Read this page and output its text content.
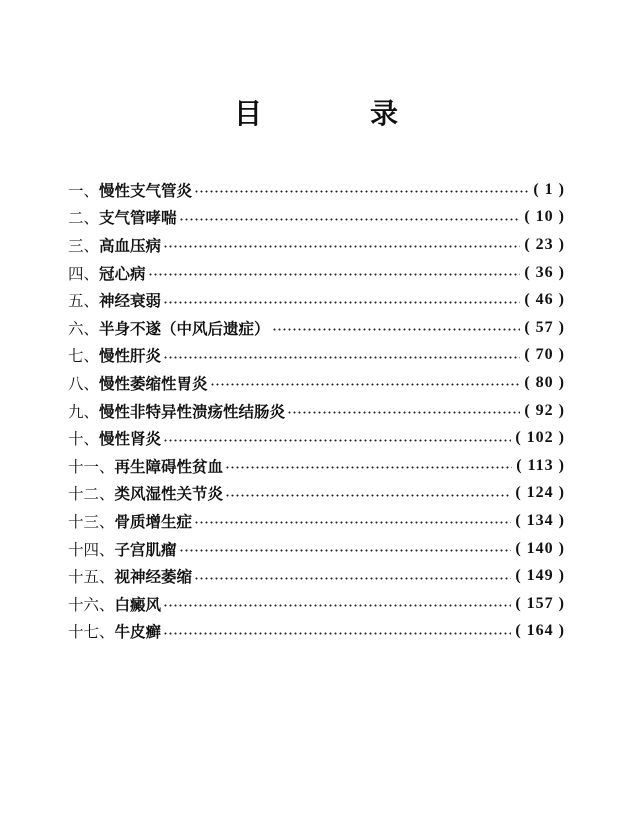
目	录
一、 慢性支气管炎	( 1 )
二、 支气管哮喘	( 10 )
三、 高血压病	( 23 )
四、 冠心病	( 36 )
五、 神经衰弱	( 46 )
六、 半身不遂（中风后遗症）	( 57 )
七、 慢性肝炎	( 70 )
八、 慢性萎缩性胃炎	( 80 )
九、 慢性非特异性溃疡性结肠炎	( 92 )
十、 慢性肾炎	( 102 )
十一、 再生障碍性贫血	( 113 )
十二、 类风湿性关节炎	( 124 )
十三、 骨质增生症	( 134 )
十四、 子宫肌瘤	( 140 )
十五、 视神经萎缩	( 149 )
十六、 白癜风	( 157 )
十七、 牛皮癣	( 164 )
